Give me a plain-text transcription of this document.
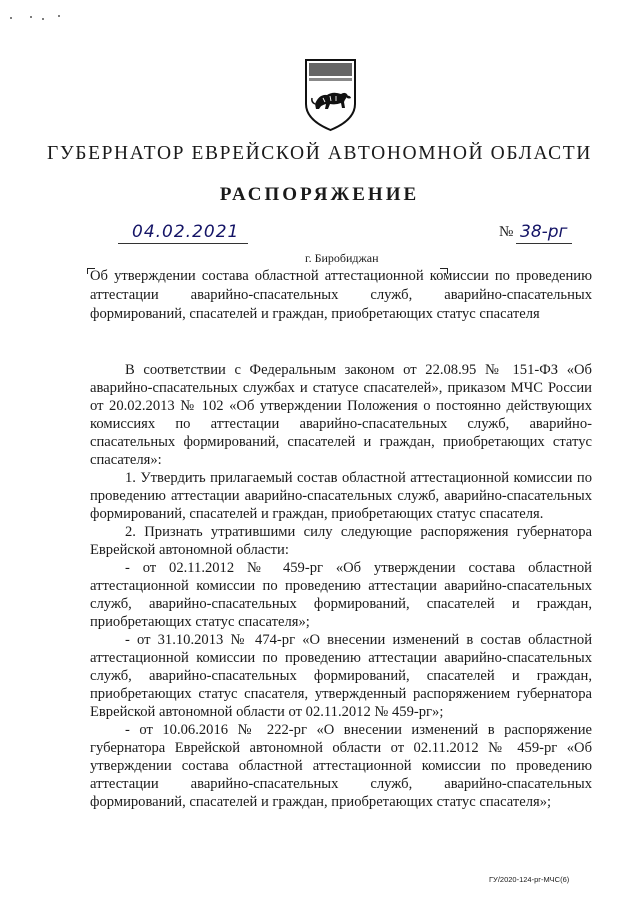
ГУБЕРНАТОР ЕВРЕЙСКОЙ АВТОНОМНОЙ ОБЛАСТИ
РАСПОРЯЖЕНИЕ
04.02.2021	№ 38-рг
г. Биробиджан
Об утверждении состава областной аттестационной комиссии по проведению аттестации аварийно-спасательных служб, аварийно-спасательных формирований, спасателей и граждан, приобретающих статус спасателя

В соответствии с Федеральным законом от 22.08.95 № 151-ФЗ «Об аварийно-спасательных службах и статусе спасателей», приказом МЧС России от 20.02.2013 № 102 «Об утверждении Положения о постоянно действующих комиссиях по аттестации аварийно-спасательных служб, аварийно-спасательных формирований, спасателей и граждан, приобретающих статус спасателя»:

1. Утвердить прилагаемый состав областной аттестационной комиссии по проведению аттестации аварийно-спасательных служб, аварийно-спасательных формирований, спасателей и граждан, приобретающих статус спасателя.

2. Признать утратившими силу следующие распоряжения губернатора Еврейской автономной области:

- от 02.11.2012 № 459-рг «Об утверждении состава областной аттестационной комиссии по проведению аттестации аварийно-спасательных служб, аварийно-спасательных формирований, спасателей и граждан, приобретающих статус спасателя»;

- от 31.10.2013 № 474-рг «О внесении изменений в состав областной аттестационной комиссии по проведению аттестации аварийно-спасательных служб, аварийно-спасательных формирований, спасателей и граждан, приобретающих статус спасателя, утвержденный распоряжением губернатора Еврейской автономной области от 02.11.2012 № 459-рг»;

- от 10.06.2016 № 222-рг «О внесении изменений в распоряжение губернатора Еврейской автономной области от 02.11.2012 № 459-рг «Об утверждении состава областной аттестационной комиссии по проведению аттестации аварийно-спасательных служб, аварийно-спасательных формирований, спасателей и граждан, приобретающих статус спасателя»;

ГУ/2020-124-рг-МЧС(6)
